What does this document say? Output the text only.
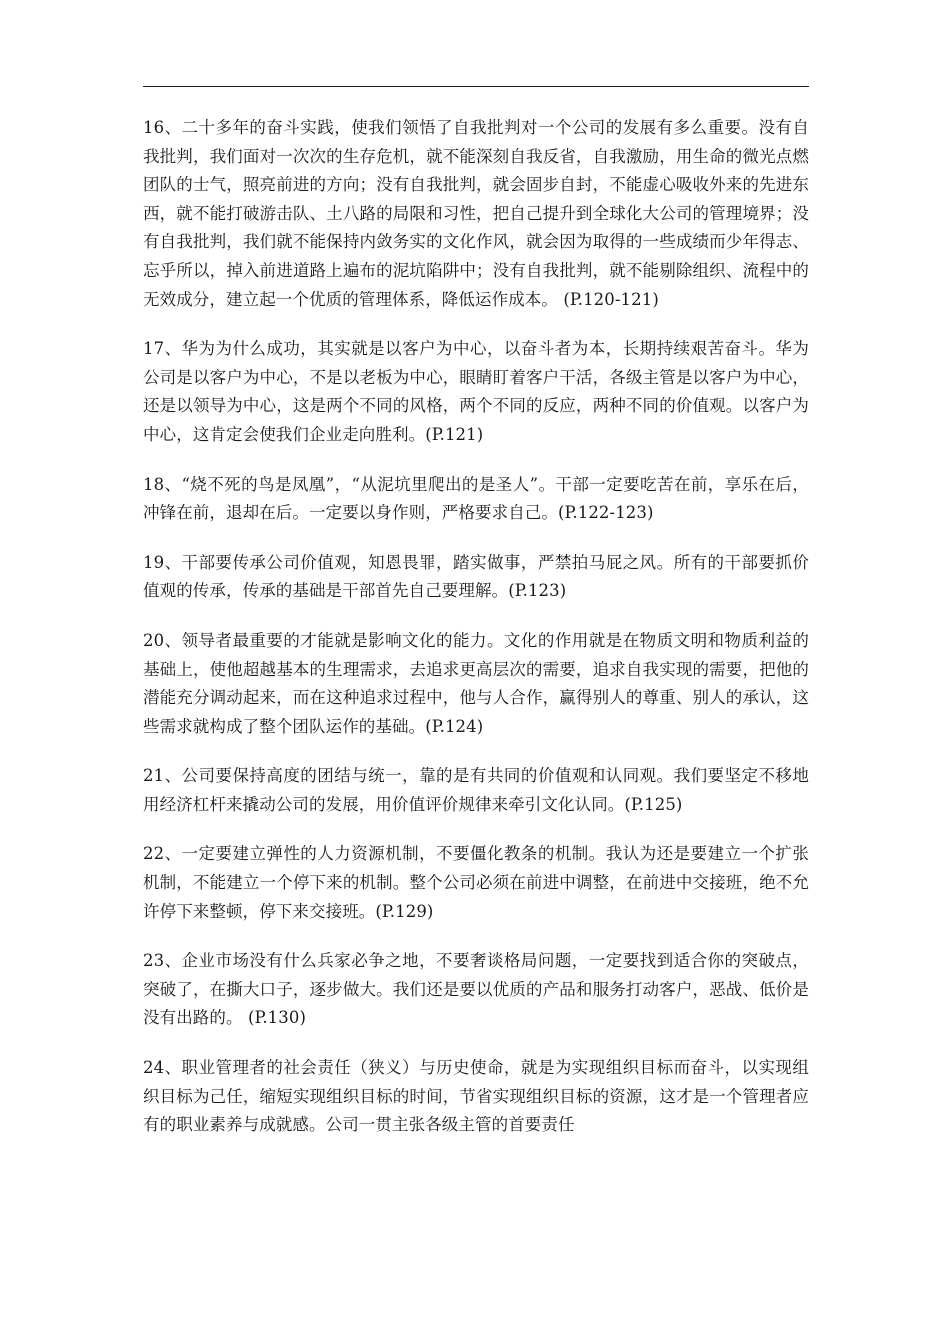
16、二十多年的奋斗实践，使我们领悟了自我批判对一个公司的发展有多么重要。没有自我批判，我们面对一次次的生存危机，就不能深刻自我反省，自我激励，用生命的微光点燃团队的士气，照亮前进的方向；没有自我批判，就会固步自封，不能虚心吸收外来的先进东西，就不能打破游击队、土八路的局限和习性，把自己提升到全球化大公司的管理境界；没有自我批判，我们就不能保持内敛务实的文化作风，就会因为取得的一些成绩而少年得志、忘乎所以，掉入前进道路上遍布的泥坑陷阱中；没有自我批判，就不能剔除组织、流程中的无效成分，建立起一个优质的管理体系，降低运作成本。 (P.120-121)

17、华为为什么成功，其实就是以客户为中心，以奋斗者为本，长期持续艰苦奋斗。华为公司是以客户为中心，不是以老板为中心，眼睛盯着客户干活，各级主管是以客户为中心，还是以领导为中心，这是两个不同的风格，两个不同的反应，两种不同的价值观。以客户为中心，这肯定会使我们企业走向胜利。(P.121)

18、“烧不死的鸟是凤凰”，“从泥坑里爬出的是圣人”。干部一定要吃苦在前，享乐在后，冲锋在前，退却在后。一定要以身作则，严格要求自己。(P.122-123)

19、干部要传承公司价值观，知恩畏罪，踏实做事，严禁拍马屁之风。所有的干部要抓价值观的传承，传承的基础是干部首先自己要理解。(P.123)

20、领导者最重要的才能就是影响文化的能力。文化的作用就是在物质文明和物质利益的基础上，使他超越基本的生理需求，去追求更高层次的需要，追求自我实现的需要，把他的潜能充分调动起来，而在这种追求过程中，他与人合作，赢得别人的尊重、别人的承认，这些需求就构成了整个团队运作的基础。(P.124)

21、公司要保持高度的团结与统一，靠的是有共同的价值观和认同观。我们要坚定不移地用经济杠杆来撬动公司的发展，用价值评价规律来牵引文化认同。(P.125)

22、一定要建立弹性的人力资源机制，不要僵化教条的机制。我认为还是要建立一个扩张机制，不能建立一个停下来的机制。整个公司必须在前进中调整，在前进中交接班，绝不允许停下来整顿，停下来交接班。(P.129)

23、企业市场没有什么兵家必争之地，不要奢谈格局问题，一定要找到适合你的突破点，突破了，在撕大口子，逐步做大。我们还是要以优质的产品和服务打动客户，恶战、低价是没有出路的。 (P.130)

24、职业管理者的社会责任（狭义）与历史使命，就是为实现组织目标而奋斗，以实现组织目标为己任，缩短实现组织目标的时间，节省实现组织目标的资源，这才是一个管理者应有的职业素养与成就感。公司一贯主张各级主管的首要责任
